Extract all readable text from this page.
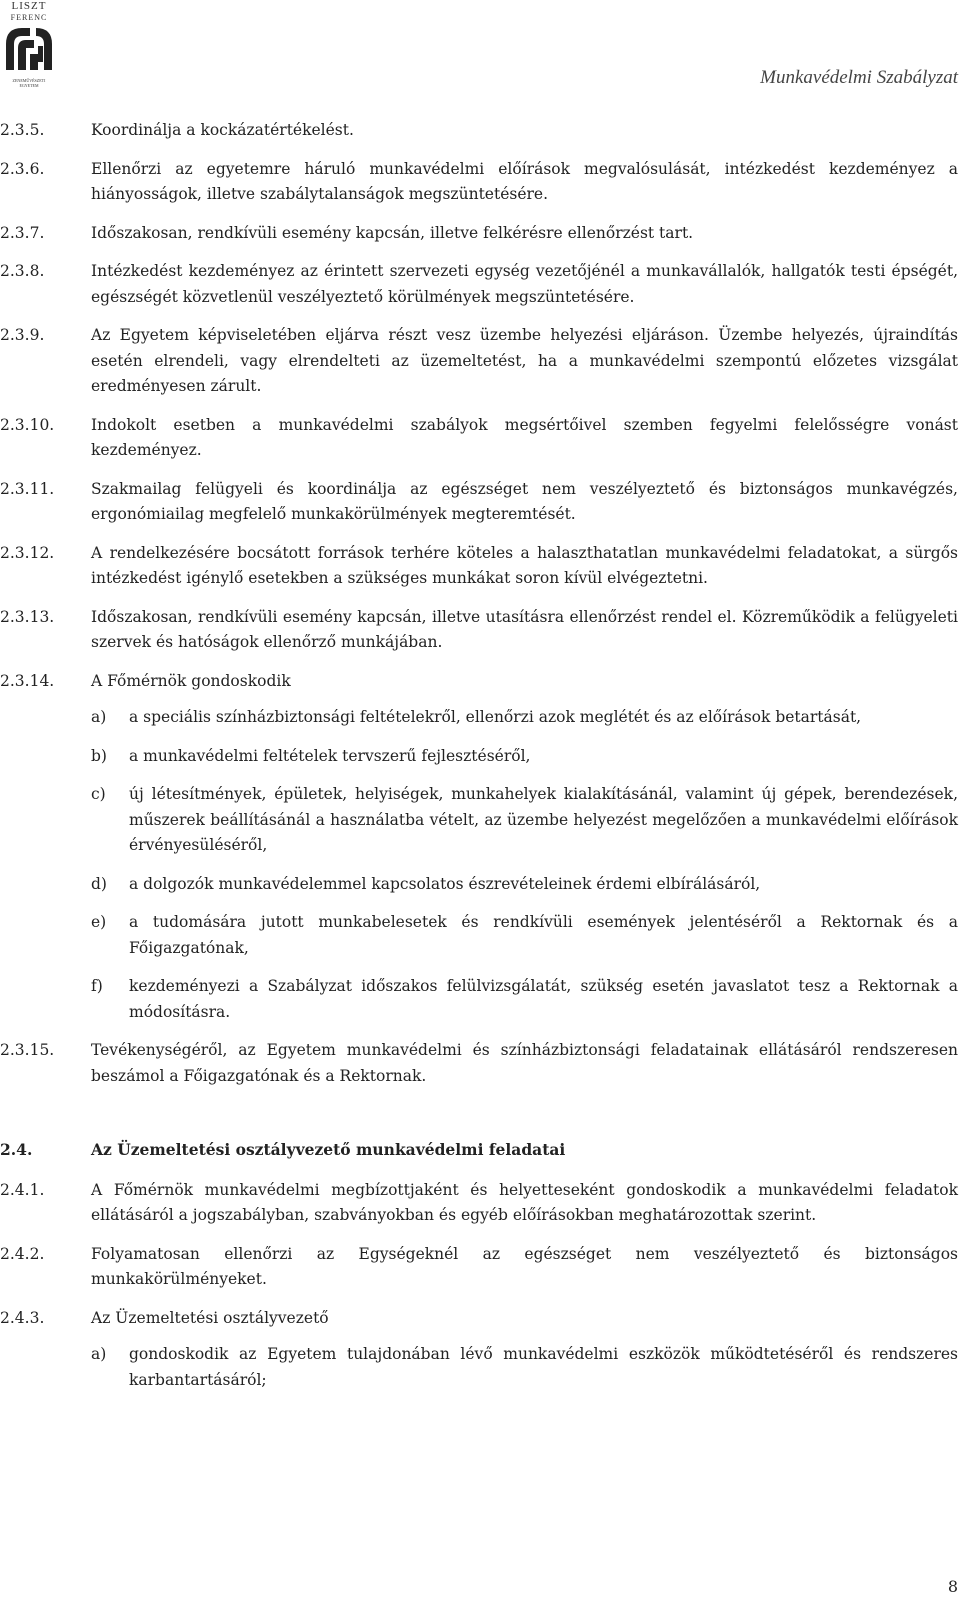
LISZT
FERENC
ZENEMŰVÉSZETI
EGYETEM	Munkavédelmi Szabályzat
2.3.5.	Koordinálja a kockázatértékelést.
2.3.6.	Ellenőrzi az egyetemre háruló munkavédelmi előírások megvalósulását, intézkedést kezdeményez a hiányosságok, illetve szabálytalanságok megszüntetésére.
2.3.7.	Időszakosan, rendkívüli esemény kapcsán, illetve felkérésre ellenőrzést tart.
2.3.8.	Intézkedést kezdeményez az érintett szervezeti egység vezetőjénél a munkavállalók, hallgatók testi épségét, egészségét közvetlenül veszélyeztető körülmények megszüntetésére.
2.3.9.	Az Egyetem képviseletében eljárva részt vesz üzembe helyezési eljáráson. Üzembe helyezés, újraindítás esetén elrendeli, vagy elrendelteti az üzemeltetést, ha a munkavédelmi szempontú előzetes vizsgálat eredményesen zárult.
2.3.10. Indokolt esetben a munkavédelmi szabályok megsértőivel szemben fegyelmi felelősségre vonást kezdeményez.
2.3.11. Szakmailag felügyeli és koordinálja az egészséget nem veszélyeztető és biztonságos munkavégzés, ergonómiailag megfelelő munkakörülmények megteremtését.
2.3.12. A rendelkezésére bocsátott források terhére köteles a halaszthatatlan munkavédelmi feladatokat, a sürgős intézkedést igénylő esetekben a szükséges munkákat soron kívül elvégeztetni.
2.3.13. Időszakosan, rendkívüli esemény kapcsán, illetve utasításra ellenőrzést rendel el. Közreműködik a felügyeleti szervek és hatóságok ellenőrző munkájában.
2.3.14. A Főmérnök gondoskodik
a) a speciális színházbiztonsági feltételekről, ellenőrzi azok meglétét és az előírások betartását,
b) a munkavédelmi feltételek tervszerű fejlesztéséről,
c) új létesítmények, épületek, helyiségek, munkahelyek kialakításánál, valamint új gépek, berendezések, műszerek beállításánál a használatba vételt, az üzembe helyezést megelőzően a munkavédelmi előírások érvényesüléséről,
d) a dolgozók munkavédelemmel kapcsolatos észrevételeinek érdemi elbírálásáról,
e) a tudomására jutott munkabelesetek és rendkívüli események jelentéséről a Rektornak és a Főigazgatónak,
f) kezdeményezi a Szabályzat időszakos felülvizsgálatát, szükség esetén javaslatot tesz a Rektornak a módosításra.
2.3.15. Tevékenységéről, az Egyetem munkavédelmi és színházbiztonsági feladatainak ellátásáról rendszeresen beszámol a Főigazgatónak és a Rektornak.
2.4.	Az Üzemeltetési osztályvezető munkavédelmi feladatai
2.4.1.	A Főmérnök munkavédelmi megbízottjaként és helyetteseként gondoskodik a munkavédelmi feladatok ellátásáról a jogszabályban, szabványokban és egyéb előírásokban meghatározottak szerint.
2.4.2.	Folyamatosan ellenőrzi az Egységeknél az egészséget nem veszélyeztető és biztonságos munkakörülményeket.
2.4.3.	Az Üzemeltetési osztályvezető
a) gondoskodik az Egyetem tulajdonában lévő munkavédelmi eszközök működtetéséről és rendszeres karbantartásáról;
8
